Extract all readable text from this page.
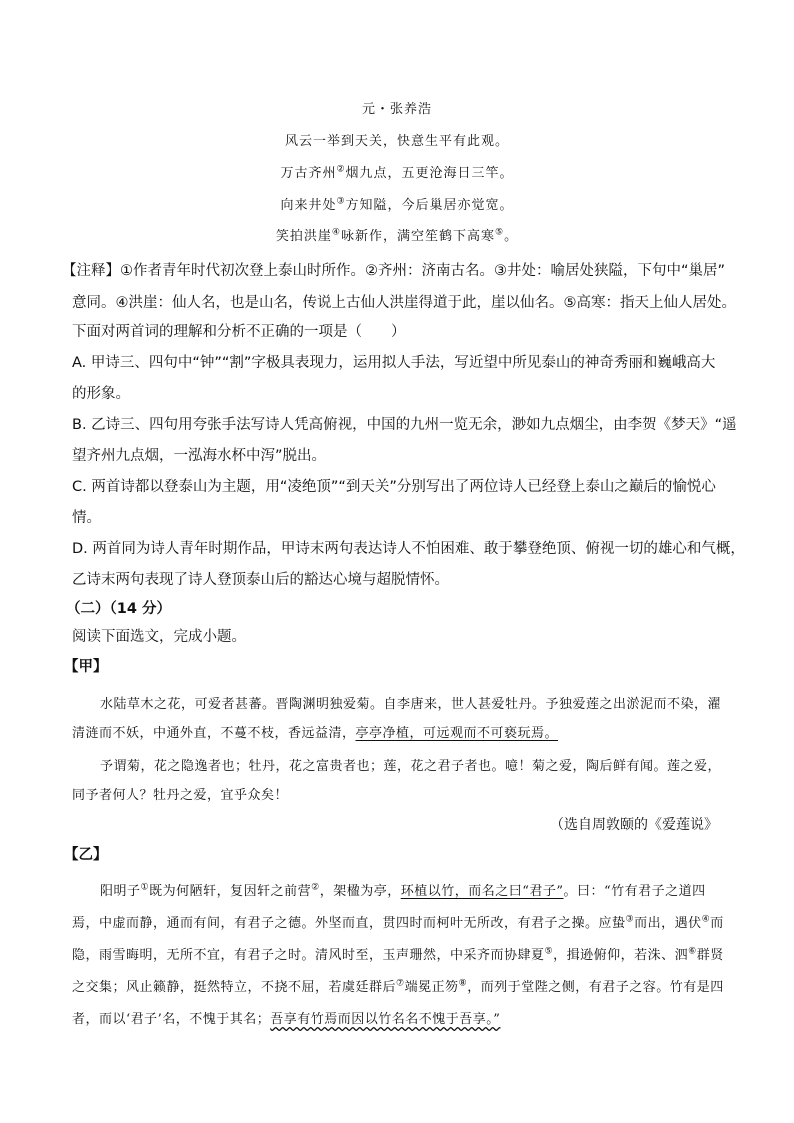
元・张养浩
风云一举到天关，快意生平有此观。
万古齐州②烟九点，五更沧海日三竿。
向来井处③方知隘，今后巢居亦觉宽。
笑拍洪崖④咏新作，满空笙鹤下高寒⑤。
【注释】①作者青年时代初次登上泰山时所作。②齐州：济南古名。③井处：喻居处狭隘，下句中“巢居”
意同。④洪崖：仙人名，也是山名，传说上古仙人洪崖得道于此，崖以仙名。⑤高寒：指天上仙人居处。
下面对两首词的理解和分析不正确的一项是（　　）
A. 甲诗三、四句中“钟”“割”字极具表现力，运用拟人手法，写近望中所见泰山的神奇秀丽和巍峨高大
的形象。
B. 乙诗三、四句用夸张手法写诗人凭高俯视，中国的九州一览无余，渺如九点烟尘，由李贺《梦天》“遥
望齐州九点烟，一泓海水杯中泻”脱出。
C. 两首诗都以登泰山为主题，用“凌绝顶”“到天关”分别写出了两位诗人已经登上泰山之巅后的愉悦心
情。
D. 两首同为诗人青年时期作品，甲诗末两句表达诗人不怕困难、敢于攀登绝顶、俯视一切的雄心和气概，
乙诗末两句表现了诗人登顶泰山后的豁达心境与超脱情怀。
（二）（14 分）
阅读下面选文，完成小题。
【甲】
水陆草木之花，可爱者甚蕃。晋陶渊明独爱菊。自李唐来，世人甚爱牡丹。予独爱莲之出淤泥而不染，濯清涟而不妖，中通外直，不蔓不枝，香远益清，亭亭净植，可远观而不可亵玩焉。
予谓菊，花之隐逸者也；牡丹，花之富贵者也；莲，花之君子者也。噫！菊之爱，陶后鲜有闻。莲之爱，同予者何人？牡丹之爱，宜乎众矣！
（选自周敦颐的《爱莲说》
【乙】
阳明子①既为何陋轩，复因轩之前营②，架楹为亭，环植以竹，而名之曰“君子”。曰：“竹有君子之道四焉，中虚而静，通而有间，有君子之德。外坚而直，贯四时而柯叶无所改，有君子之操。应蛰③而出，遇伏④而隐，雨雪晦明，无所不宜，有君子之时。清风时至，玉声珊然，中采齐而协肆夏⑤，揖逊俯仰，若洙、泗⑥群贤之交集；风止籁静，挺然特立，不挠不屈，若虞廷群后⑦端冕正笏⑧，而列于堂陛之侧，有君子之容。竹有是四者，而以‘君子’名，不愧于其名；吾享有竹焉而因以竹名名不愧于吾享。”
